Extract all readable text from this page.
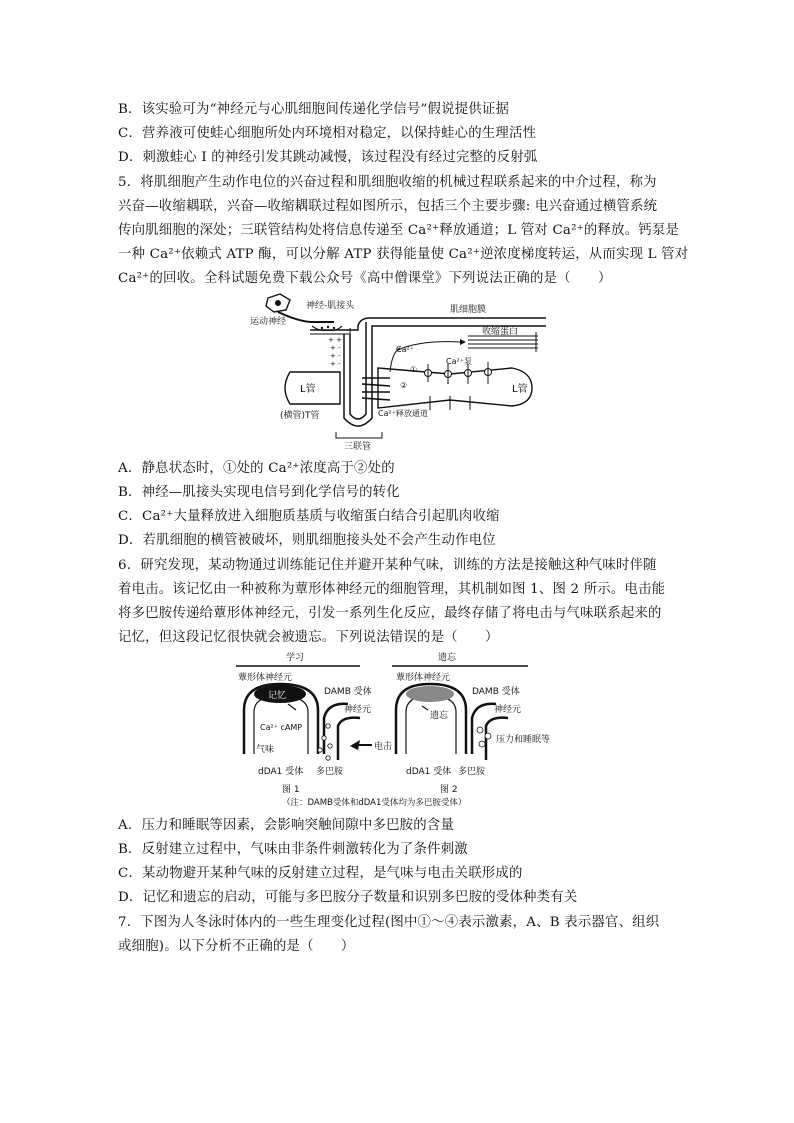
B．该实验可为“神经元与心肌细胞间传递化学信号”假说提供证据
C．营养液可使蛙心细胞所处内环境相对稳定，以保持蛙心的生理活性
D．刺激蛙心 I 的神经引发其跳动减慢，该过程没有经过完整的反射弧
5．将肌细胞产生动作电位的兴奋过程和肌细胞收缩的机械过程联系起来的中介过程，称为
兴奋—收缩耦联，兴奋—收缩耦联过程如图所示，包括三个主要步骤: 电兴奋通过横管系统
传向肌细胞的深处；三联管结构处将信息传递至 Ca²⁺释放通道；L 管对 Ca²⁺的释放。钙泵是
一种 Ca²⁺依赖式 ATP 酶，可以分解 ATP 获得能量使 Ca²⁺逆浓度梯度转运，从而实现 L 管对
Ca²⁺的回收。全科试题免费下载公众号《高中僧课堂》下列说法正确的是（　　）
+ +
+
+
+
-
-
-
运动神经
神经-肌接头	肌细胞膜
收缩蛋白
Ca²⁺
Ca²⁺泵
①
②
L管	L管
(横管)T管	Ca²⁺释放通道
三联管
A．静息状态时，①处的 Ca²⁺浓度高于②处的
B．神经—肌接头实现电信号到化学信号的转化
C．Ca²⁺大量释放进入细胞质基质与收缩蛋白结合引起肌肉收缩
D．若肌细胞的横管被破坏，则肌细胞接头处不会产生动作电位
6．研究发现，某动物通过训练能记住并避开某种气味，训练的方法是接触这种气味时伴随
着电击。该记忆由一种被称为蕈形体神经元的细胞管理，其机制如图 1、图 2 所示。电击能
将多巴胺传递给蕈形体神经元，引发一系列生化反应，最终存储了将电击与气味联系起来的
记忆，但这段记忆很快就会被遗忘。下列说法错误的是（　　）
学习	遗忘
记忆
蕈形体神经元
DAMB 受体
神经元
Ca²⁺ cAMP
气味	电击
dDA1 受体 多巴胺
图 1
蕈形体神经元
DAMB 受体
神经元
遗忘
压力和睡眠等
dDA1 受体 多巴胺
图 2
（注：DAMB受体和dDA1受体均为多巴胺受体）
A．压力和睡眠等因素，会影响突触间隙中多巴胺的含量
B．反射建立过程中，气味由非条件刺激转化为了条件刺激
C．某动物避开某种气味的反射建立过程，是气味与电击关联形成的
D．记忆和遗忘的启动，可能与多巴胺分子数量和识别多巴胺的受体种类有关
7．下图为人冬泳时体内的一些生理变化过程(图中①～④表示激素，A、B 表示器官、组织
或细胞)。以下分析不正确的是（　　）
